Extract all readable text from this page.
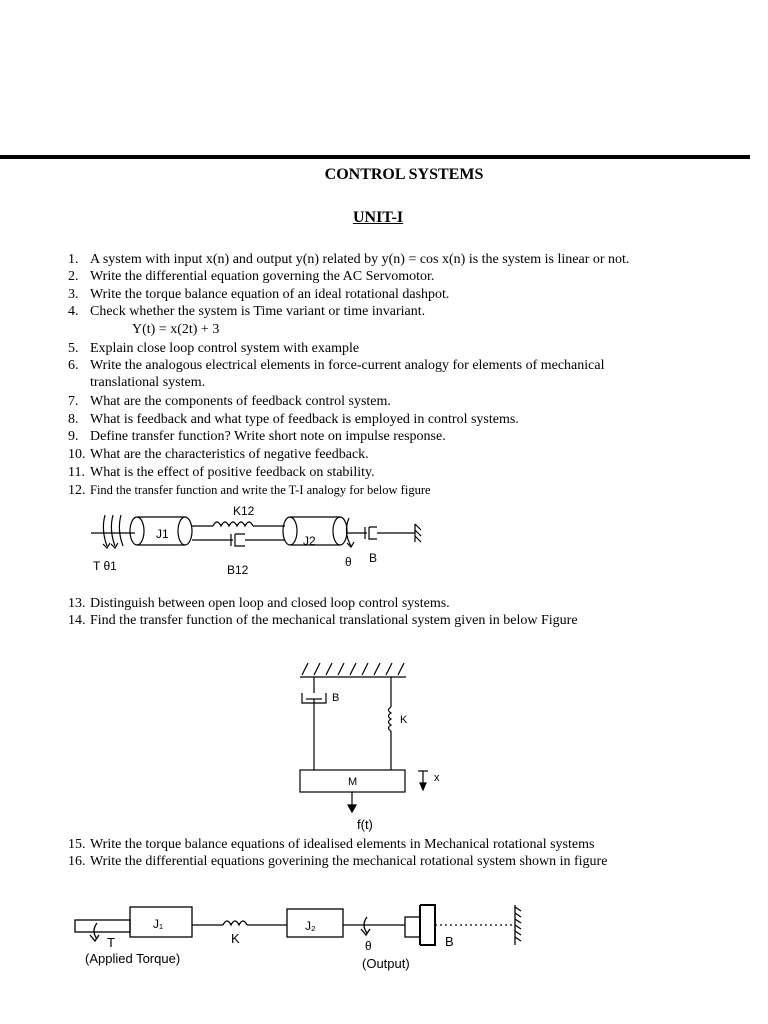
CONTROL SYSTEMS
UNIT-I
1. A system with input x(n) and output y(n) related by y(n) = cos x(n) is the system is linear or not.
2. Write the differential equation governing the AC Servomotor.
3. Write the torque balance equation of an ideal rotational dashpot.
4. Check whether the system is Time variant or time invariant.
Y(t) = x(2t) + 3
5. Explain close loop control system with example
6. Write the analogous electrical elements in force-current analogy for elements of mechanical
translational system.
7. What are the components of feedback control system.
8. What is feedback and what type of feedback is employed in control systems.
9. Define transfer function? Write short note on impulse response.
10. What are the characteristics of negative feedback.
11. What is the effect of positive feedback on stability.
12. Find the transfer function and write the T-I analogy for below figure
13. Distinguish between open loop and closed loop control systems.
14. Find the transfer function of the mechanical translational system given in below Figure
15. Write the torque balance equations of idealised elements in Mechanical rotational systems
16. Write the differential equations goverining the mechanical rotational system shown in figure
J1	J2
K12
B12
T θ1	θ B
B
K
M	x
f(t)
J₁	J₂
K
T	θ	B
(Applied Torque)	(Output)
